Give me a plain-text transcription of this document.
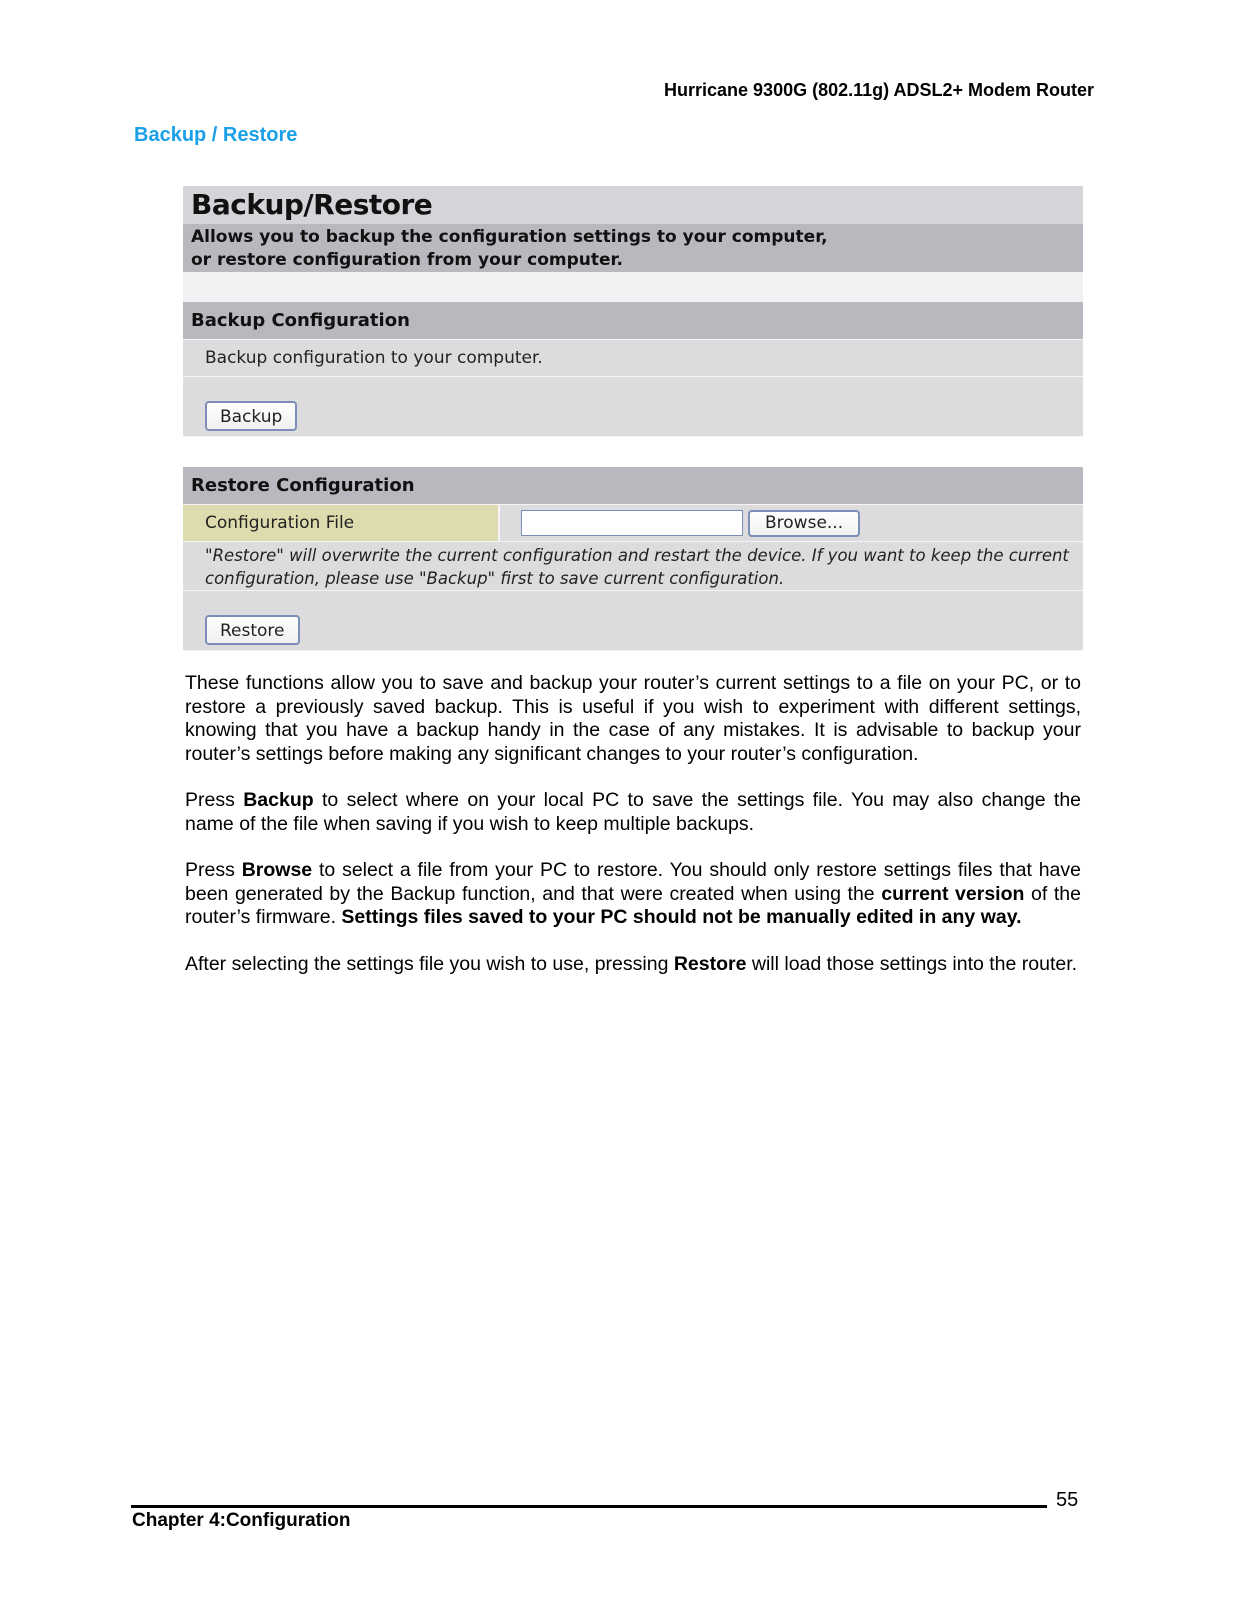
Hurricane 9300G (802.11g) ADSL2+ Modem Router
Backup / Restore
Backup/Restore
Allows you to backup the configuration settings to your computer,
or restore configuration from your computer.
Backup Configuration
Backup configuration to your computer.
Backup
Restore Configuration
Configuration File	Browse...
"Restore" will overwrite the current configuration and restart the device. If you want to keep the current configuration, please use "Backup" first to save current configuration.
Restore

These functions allow you to save and backup your router’s current settings to a file on your PC, or to restore a previously saved backup. This is useful if you wish to experiment with different settings, knowing that you have a backup handy in the case of any mistakes. It is advisable to backup your router’s settings before making any significant changes to your router’s configuration.

Press Backup to select where on your local PC to save the settings file. You may also change the name of the file when saving if you wish to keep multiple backups.

Press Browse to select a file from your PC to restore. You should only restore settings files that have been generated by the Backup function, and that were created when using the current version of the router’s firmware. Settings files saved to your PC should not be manually edited in any way.

After selecting the settings file you wish to use, pressing Restore will load those settings into the router.

55
Chapter 4:Configuration
